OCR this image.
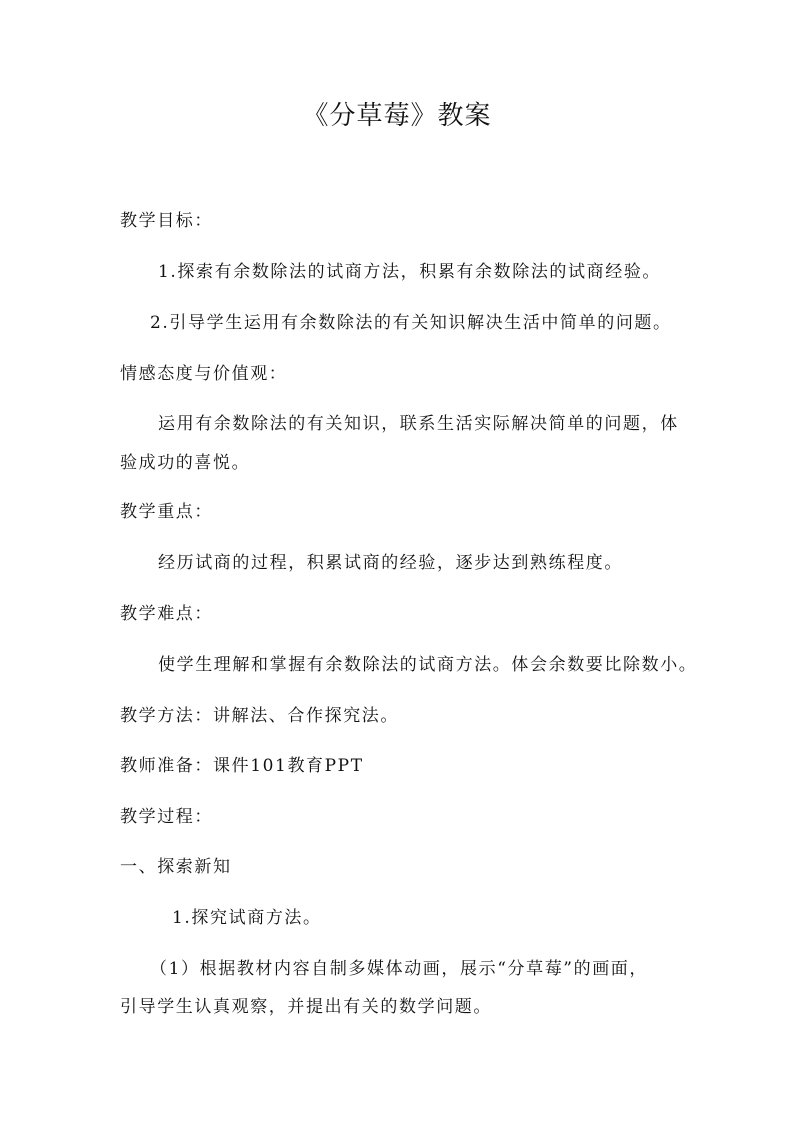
《分草莓》教案

教学目标：

1.探索有余数除法的试商方法，积累有余数除法的试商经验。

2.引导学生运用有余数除法的有关知识解决生活中简单的问题。

情感态度与价值观：

运用有余数除法的有关知识，联系生活实际解决简单的问题，体

验成功的喜悦。

教学重点：

经历试商的过程，积累试商的经验，逐步达到熟练程度。

教学难点：

使学生理解和掌握有余数除法的试商方法。体会余数要比除数小。

教学方法：讲解法、合作探究法。

教师准备：课件101教育PPT

教学过程：

一、探索新知

1.探究试商方法。

（1）根据教材内容自制多媒体动画，展示“分草莓”的画面，

引导学生认真观察，并提出有关的数学问题。
